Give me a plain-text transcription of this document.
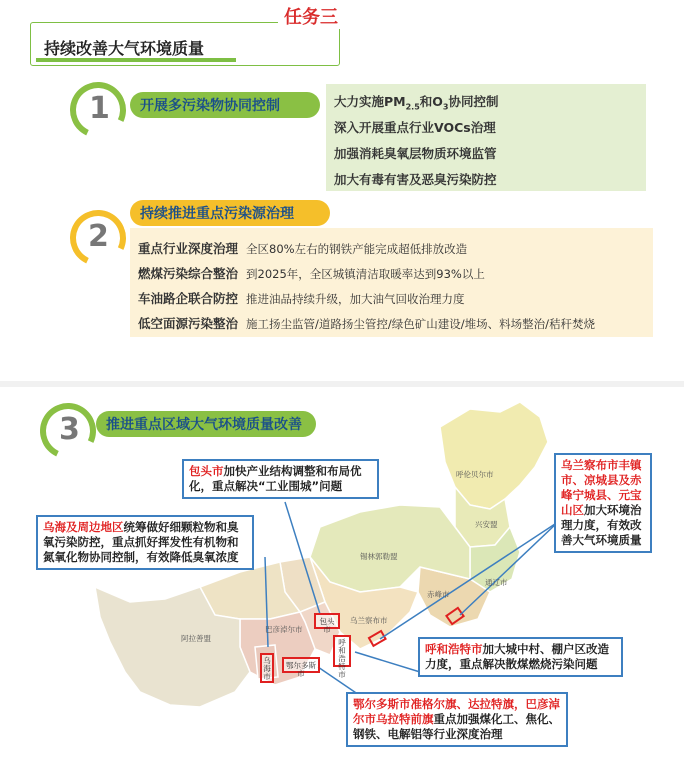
任务三
持续改善大气环境质量
1	开展多污染物协同控制	大力实施$PM_{2.5}$和$O_3$协同控制
深入开展重点行业VOCs治理
加强消耗臭氧层物质环境监管
加大有毒有害及恶臭污染防控
2
持续推进重点污染源治理
重点行业深度治理 全区80%左右的钢铁产能完成超低排放改造
燃煤污染综合整治 到2025年，全区城镇清洁取暖率达到93%以上
车油路企联合防控 推进油品持续升级，加大油气回收治理力度
低空面源污染整治 施工扬尘监管/道路扬尘管控/绿色矿山建设/堆场、料场整治/秸秆焚烧
呼伦贝尔市
兴安盟
通辽市
锡林郭勒盟
赤峰市
乌兰察布市
巴彦淖尔市
阿拉善盟
包头市
呼和浩特市
鄂尔多斯市
乌海市
3	推进重点区域大气环境质量改善
包头市加快产业结构调整和布局优化，重点解决“工业围城”问题
乌海及周边地区统筹做好细颗粒物和臭氧污染防控，重点抓好挥发性有机物和氮氧化物协同控制，有效降低臭氧浓度
乌兰察布市丰镇市、凉城县及赤峰宁城县、元宝山区加大环境治理力度，有效改善大气环境质量
呼和浩特市加大城中村、棚户区改造力度，重点解决散煤燃烧污染问题
鄂尔多斯市准格尔旗、达拉特旗，巴彦淖尔市乌拉特前旗重点加强煤化工、焦化、钢铁、电解铝等行业深度治理
